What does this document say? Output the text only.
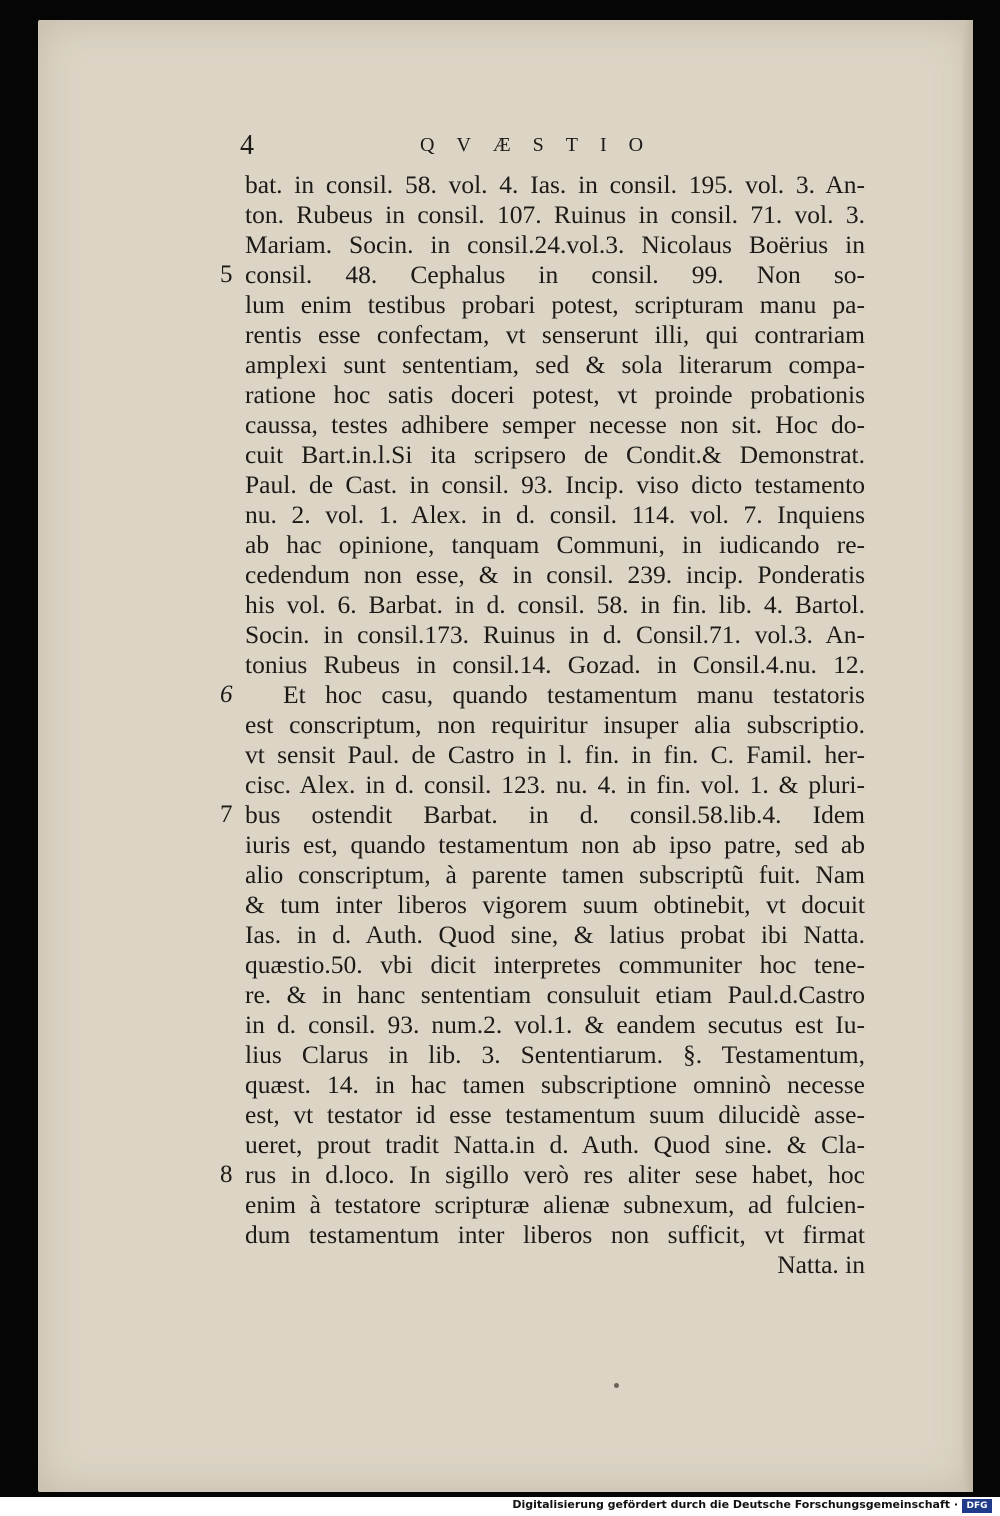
4	QVÆSTIO
bat. in consil. 58. vol. 4. Ias. in consil. 195. vol. 3. An-
ton. Rubeus in consil. 107. Ruinus in consil. 71. vol. 3.
Mariam. Socin. in consil.24.vol.3. Nicolaus Boërius in
5 consil. 48. Cephalus in consil. 99. Non so-
lum enim testibus probari potest, scripturam manu pa-
rentis esse confectam, vt senserunt illi, qui contrariam
amplexi sunt sententiam, sed & sola literarum compa-
ratione hoc satis doceri potest, vt proinde probationis
caussa, testes adhibere semper necesse non sit. Hoc do-
cuit Bart.in.l.Si ita scripsero de Condit.& Demonstrat.
Paul. de Cast. in consil. 93. Incip. viso dicto testamento
nu. 2. vol. 1. Alex. in d. consil. 114. vol. 7. Inquiens
ab hac opinione, tanquam Communi, in iudicando re-
cedendum non esse, & in consil. 239. incip. Ponderatis
his vol. 6. Barbat. in d. consil. 58. in fin. lib. 4. Bartol.
Socin. in consil.173. Ruinus in d. Consil.71. vol.3. An-
tonius Rubeus in consil.14. Gozad. in Consil.4.nu. 12.
6	Et hoc casu, quando testamentum manu testatoris
est conscriptum, non requiritur insuper alia subscriptio.
vt sensit Paul. de Castro in l. fin. in fin. C. Famil. her-
cisc. Alex. in d. consil. 123. nu. 4. in fin. vol. 1. & pluri-
7 bus ostendit Barbat. in d. consil.58.lib.4. Idem
iuris est, quando testamentum non ab ipso patre, sed ab
alio conscriptum, à parente tamen subscriptũ fuit. Nam
& tum inter liberos vigorem suum obtinebit, vt docuit
Ias. in d. Auth. Quod sine, & latius probat ibi Natta.
quæstio.50. vbi dicit interpretes communiter hoc tene-
re. & in hanc sententiam consuluit etiam Paul.d.Castro
in d. consil. 93. num.2. vol.1. & eandem secutus est Iu-
lius Clarus in lib. 3. Sententiarum. §. Testamentum,
quæst. 14. in hac tamen subscriptione omninò necesse
est, vt testator id esse testamentum suum dilucidè asse-
ueret, prout tradit Natta.in d. Auth. Quod sine. & Cla-
8 rus in d.loco. In sigillo verò res aliter sese habet, hoc
enim à testatore scripturæ alienæ subnexum, ad fulcien-
dum testamentum inter liberos non sufficit, vt firmat
Natta. in
Digitalisierung gefördert durch die Deutsche Forschungsgemeinschaft · DFG
